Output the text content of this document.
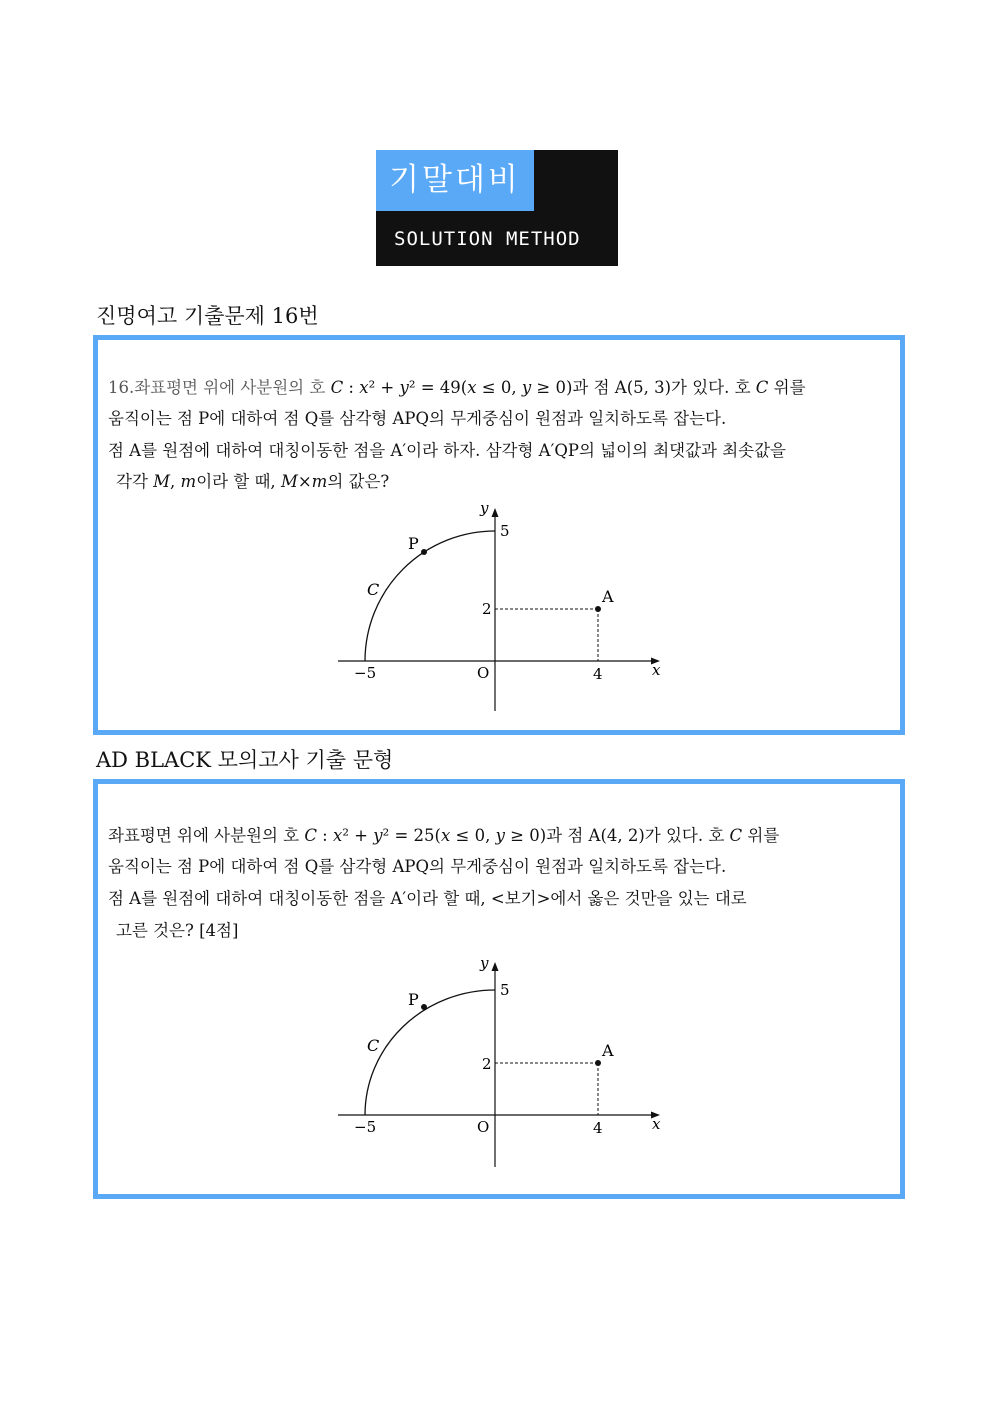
기말대비
SOLUTION METHOD
진명여고 기출문제 16번
16.좌표평면 위에 사분원의 호 C : x² + y² = 49(x ≤ 0, y ≥ 0)과 점 A(5, 3)가 있다. 호 C 위를
움직이는 점 P에 대하여 점 Q를 삼각형 APQ의 무게중심이 원점과 일치하도록 잡는다.
점 A를 원점에 대하여 대칭이동한 점을 A′이라 하자. 삼각형 A′QP의 넓이의 최댓값과 최솟값을
각각 M, m이라 할 때, M×m의 값은?
y
5
2
−5	O	4	x
P
A
C
AD BLACK 모의고사 기출 문형
좌표평면 위에 사분원의 호 C : x² + y² = 25(x ≤ 0, y ≥ 0)과 점 A(4, 2)가 있다. 호 C 위를
움직이는 점 P에 대하여 점 Q를 삼각형 APQ의 무게중심이 원점과 일치하도록 잡는다.
점 A를 원점에 대하여 대칭이동한 점을 A′이라 할 때, <보기>에서 옳은 것만을 있는 대로
고른 것은? [4점]
y
5
2
−5	O	4	x
P
A
C
